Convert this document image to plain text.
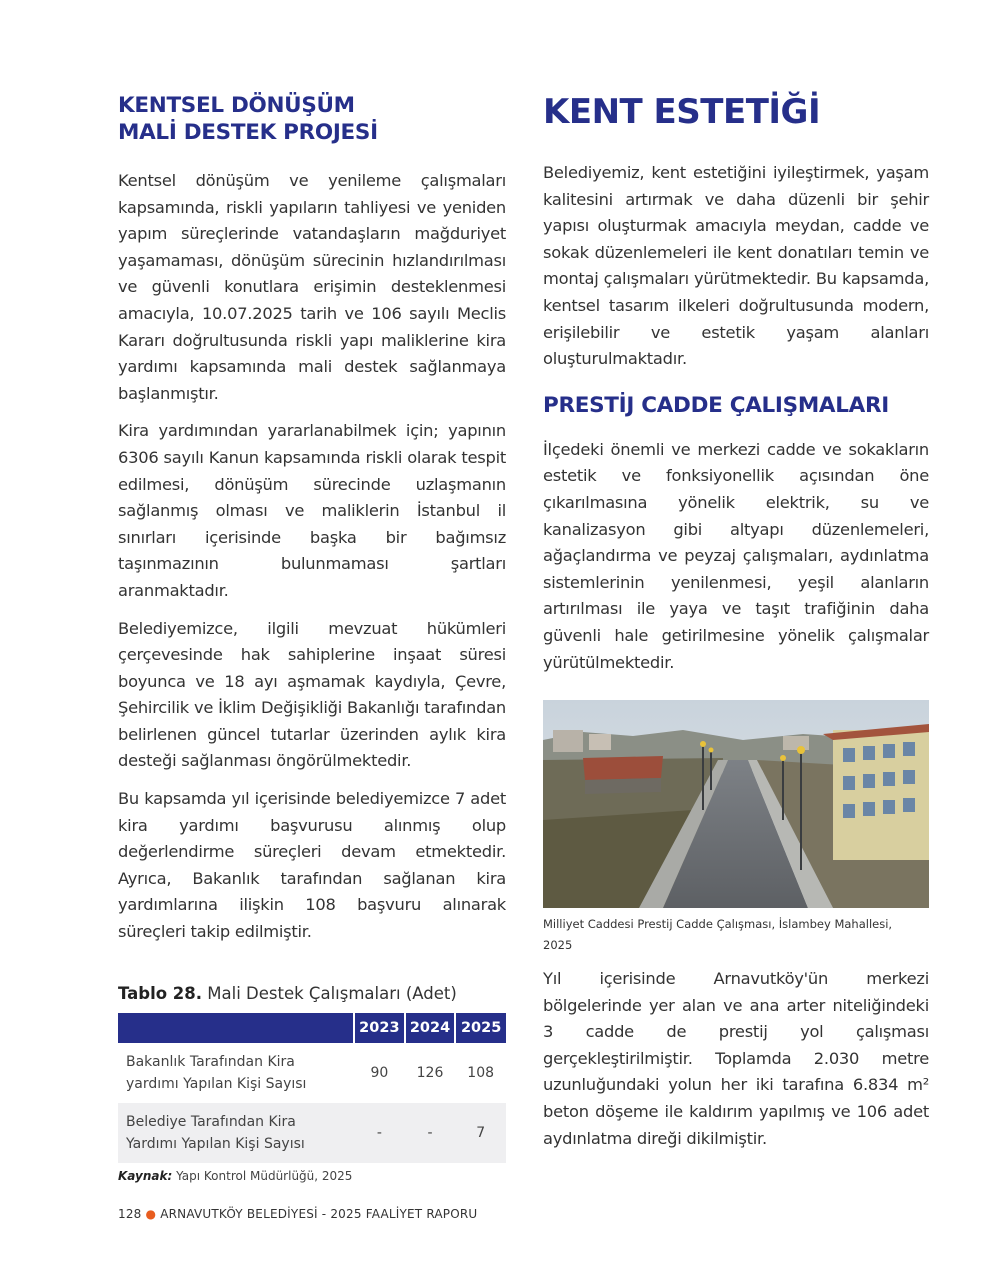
KENTSEL DÖNÜŞÜM MALİ DESTEK PROJESİ

Kentsel dönüşüm ve yenileme çalışmaları kapsamında, riskli yapıların tahliyesi ve yeniden yapım süreçlerinde vatandaşların mağduriyet yaşamaması, dönüşüm sürecinin hızlandırılması ve güvenli konutlara erişimin desteklenmesi amacıyla, 10.07.2025 tarih ve 106 sayılı Meclis Kararı doğrultusunda riskli yapı maliklerine kira yardımı kapsamında mali destek sağlanmaya başlanmıştır.

Kira yardımından yararlanabilmek için; yapının 6306 sayılı Kanun kapsamında riskli olarak tespit edilmesi, dönüşüm sürecinde uzlaşmanın sağlanmış olması ve maliklerin İstanbul il sınırları içerisinde başka bir bağımsız taşınmazının bulunmaması şartları aranmaktadır.

Belediyemizce, ilgili mevzuat hükümleri çerçevesinde hak sahiplerine inşaat süresi boyunca ve 18 ayı aşmamak kaydıyla, Çevre, Şehircilik ve İklim Değişikliği Bakanlığı tarafından belirlenen güncel tutarlar üzerinden aylık kira desteği sağlanması öngörülmektedir.

Bu kapsamda yıl içerisinde belediyemizce 7 adet kira yardımı başvurusu alınmış olup değerlendirme süreçleri devam etmektedir. Ayrıca, Bakanlık tarafından sağlanan kira yardımlarına ilişkin 108 başvuru alınarak süreçleri takip edilmiştir.

Tablo 28. Mali Destek Çalışmaları (Adet)

	2023	2024	2025
Bakanlık Tarafından Kira yardımı Yapılan Kişi Sayısı	90	126	108
Belediye Tarafından Kira Yardımı Yapılan Kişi Sayısı	-	-	7

Kaynak: Yapı Kontrol Müdürlüğü, 2025

KENT ESTETİĞİ

Belediyemiz, kent estetiğini iyileştirmek, yaşam kalitesini artırmak ve daha düzenli bir şehir yapısı oluşturmak amacıyla meydan, cadde ve sokak düzenlemeleri ile kent donatıları temin ve montaj çalışmaları yürütmektedir. Bu kapsamda, kentsel tasarım ilkeleri doğrultusunda modern, erişilebilir ve estetik yaşam alanları oluşturulmaktadır.

PRESTİJ CADDE ÇALIŞMALARI

İlçedeki önemli ve merkezi cadde ve sokakların estetik ve fonksiyonellik açısından öne çıkarılmasına yönelik elektrik, su ve kanalizasyon gibi altyapı düzenlemeleri, ağaçlandırma ve peyzaj çalışmaları, aydınlatma sistemlerinin yenilenmesi, yeşil alanların artırılması ile yaya ve taşıt trafiğinin daha güvenli hale getirilmesine yönelik çalışmalar yürütülmektedir.

Milliyet Caddesi Prestij Cadde Çalışması, İslambey Mahallesi, 2025

Yıl içerisinde Arnavutköy'ün merkezi bölgelerinde yer alan ve ana arter niteliğindeki 3 cadde de prestij yol çalışması gerçekleştirilmiştir. Toplamda 2.030 metre uzunluğundaki yolun her iki tarafına 6.834 m² beton döşeme ile kaldırım yapılmış ve 106 adet aydınlatma direği dikilmiştir.

128 ● ARNAVUTKÖY BELEDİYESİ - 2025 FAALİYET RAPORU
